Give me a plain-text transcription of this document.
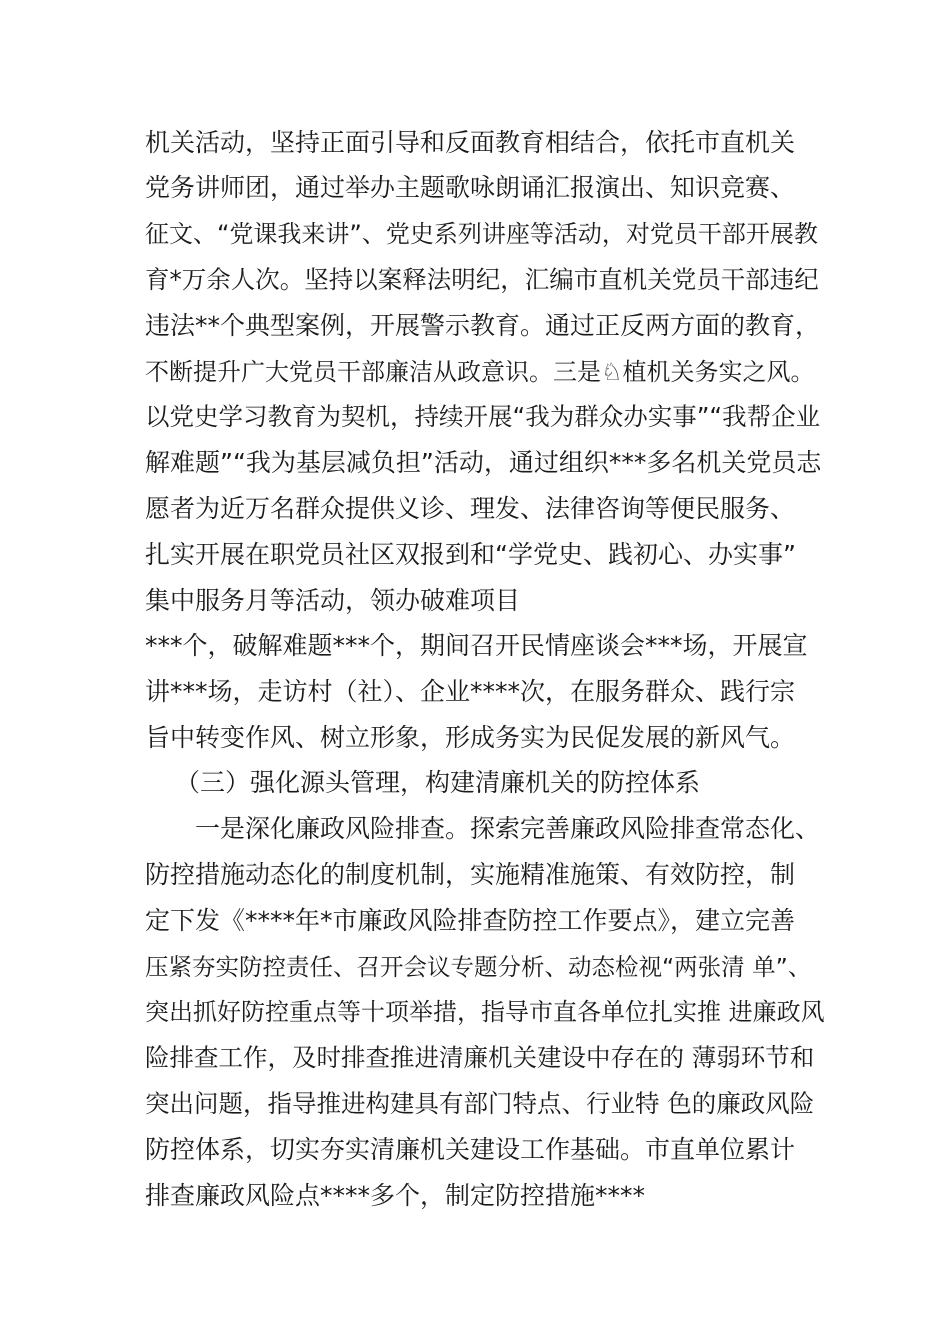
机关活动，坚持正面引导和反面教育相结合，依托市直机关
党务讲师团，通过举办主题歌咏朗诵汇报演出、知识竞赛、
征文、“党课我来讲”、党史系列讲座等活动，对党员干部开展教
育*万余人次。坚持以案释法明纪，汇编市直机关党员干部违纪
违法**个典型案例，开展警示教育。通过正反两方面的教育，
不断提升广大党员干部廉洁从政意识。三是♘植机关务实之风。
以党史学习教育为契机，持续开展“我为群众办实事”“我帮企业
解难题”“我为基层减负担”活动，通过组织***多名机关党员志
愿者为近万名群众提供义诊、理发、法律咨询等便民服务、
扎实开展在职党员社区双报到和“学党史、践初心、办实事”
集中服务月等活动，领办破难项目
***个，破解难题***个，期间召开民情座谈会***场，开展宣
讲***场，走访村（社）、企业****次，在服务群众、践行宗
旨中转变作风、树立形象，形成务实为民促发展的新风气。
（三）强化源头管理，构建清廉机关的防控体系
一是深化廉政风险排查。探索完善廉政风险排查常态化、
防控措施动态化的制度机制，实施精准施策、有效防控，制
定下发《****年*市廉政风险排查防控工作要点》，建立完善
压紧夯实防控责任、召开会议专题分析、动态检视“两张清 单”、
突出抓好防控重点等十项举措，指导市直各单位扎实推 进廉政风
险排查工作，及时排查推进清廉机关建设中存在的 薄弱环节和
突出问题，指导推进构建具有部门特点、行业特 色的廉政风险
防控体系，切实夯实清廉机关建设工作基础。市直单位累计
排查廉政风险点****多个，制定防控措施****
